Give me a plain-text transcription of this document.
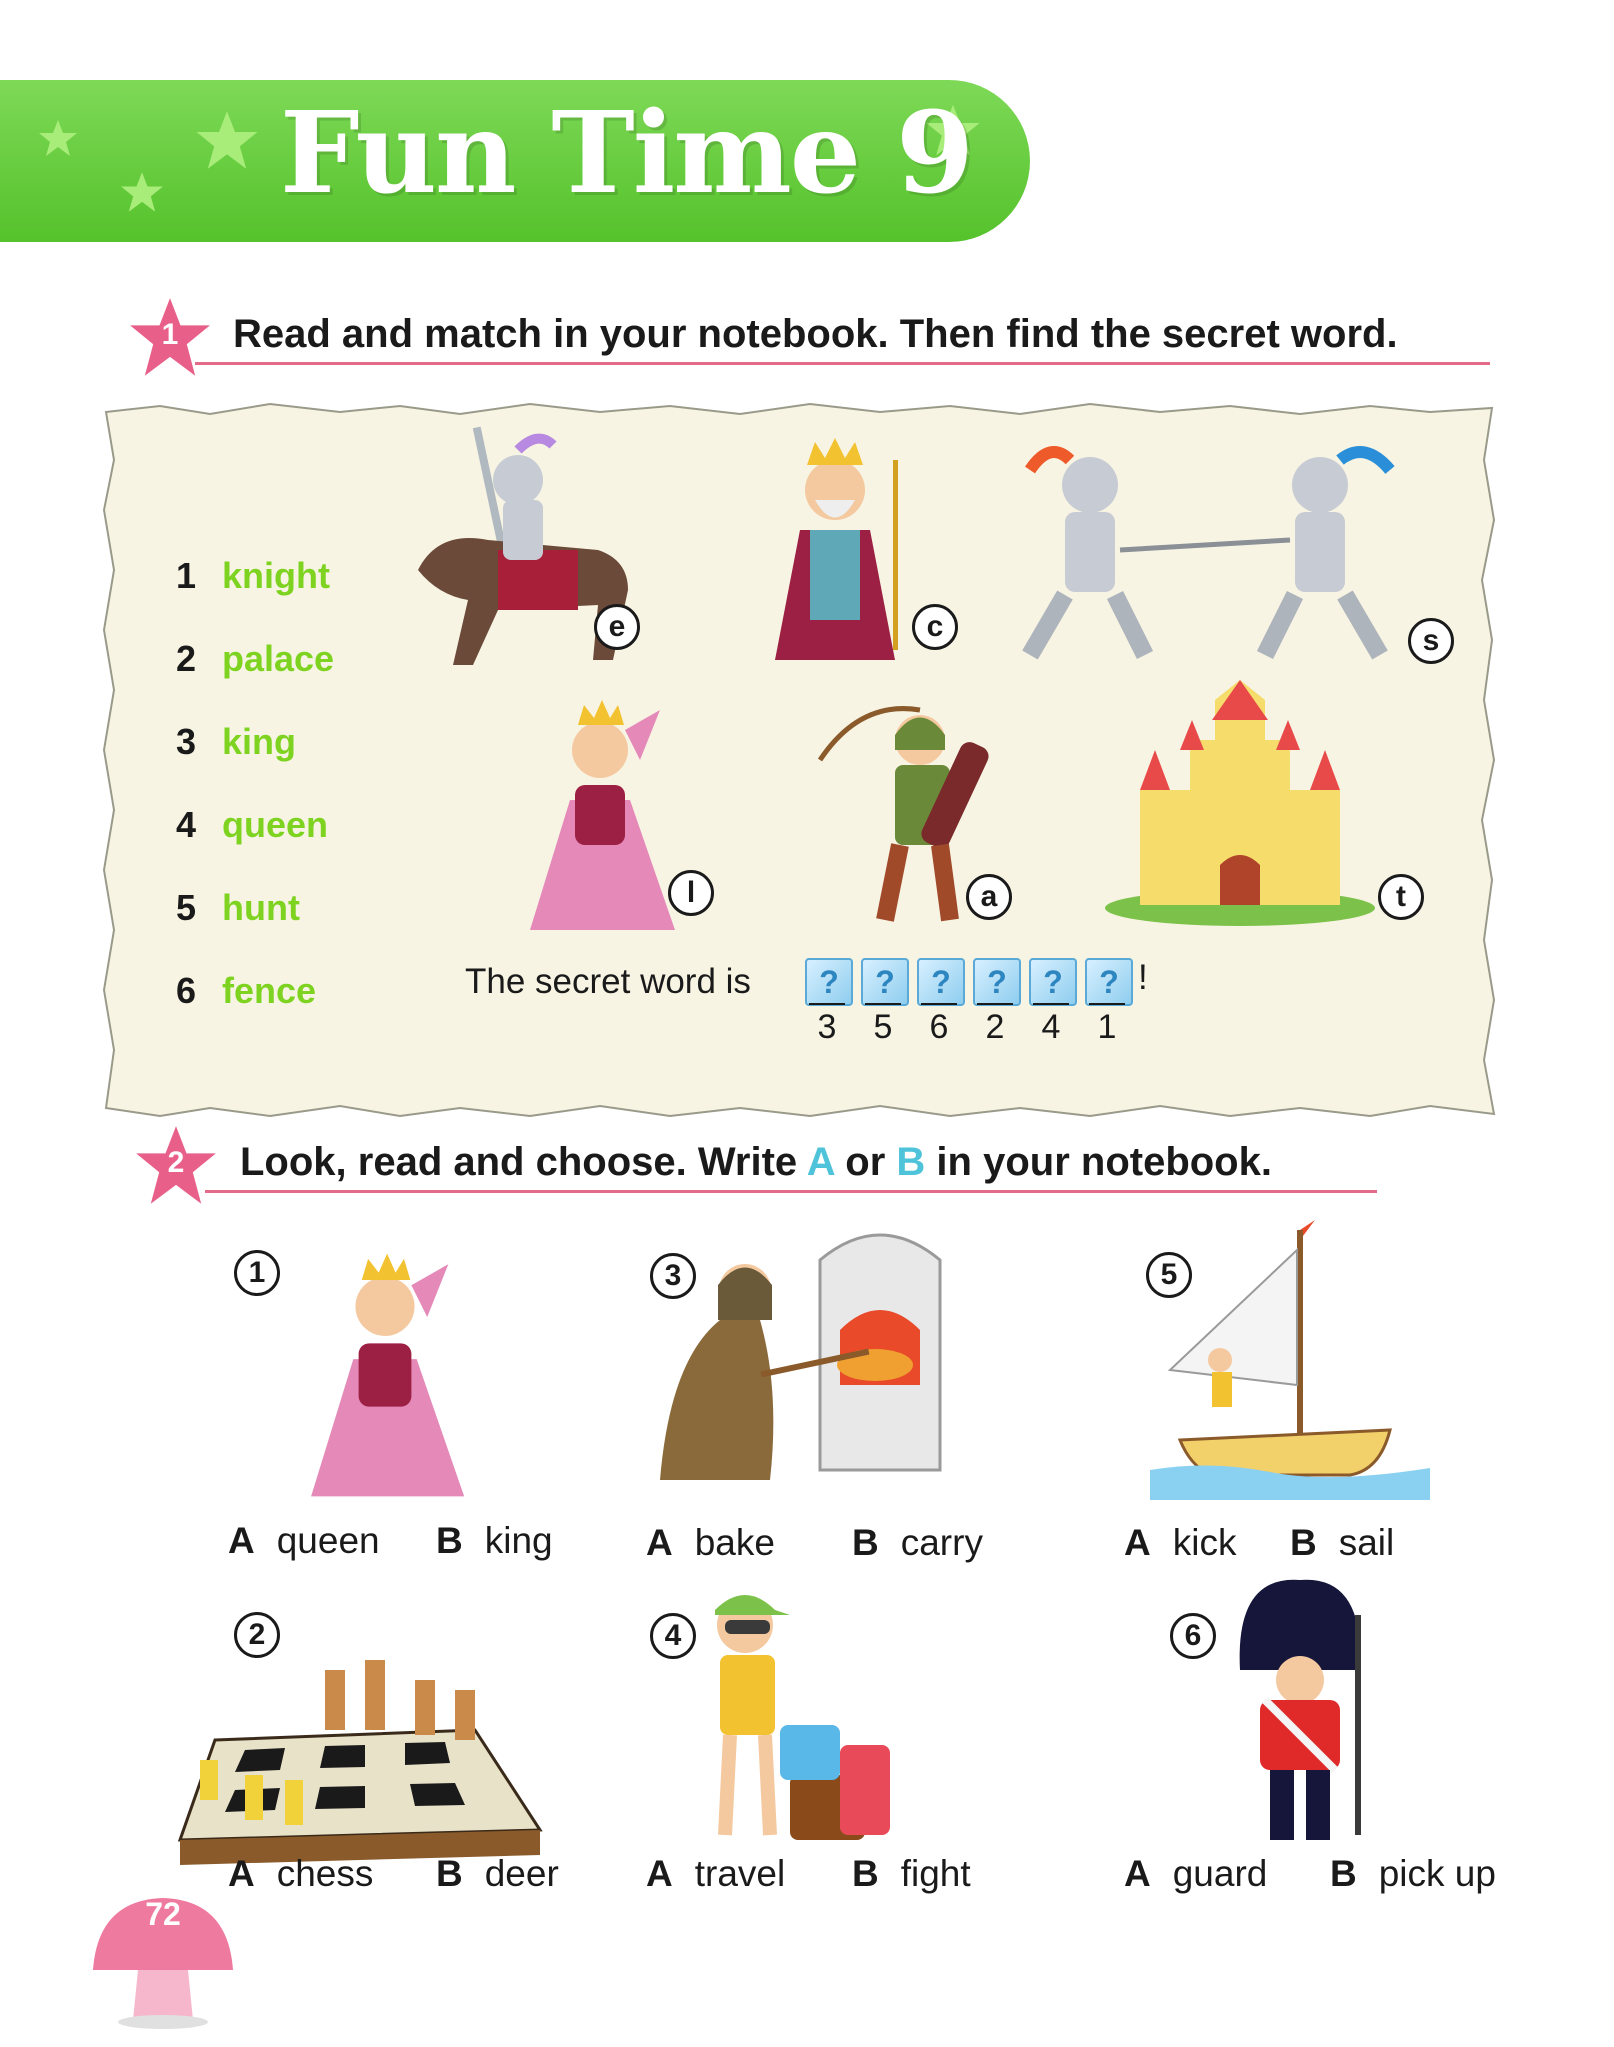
Fun Time 9
1	Read and match in your notebook. Then find the secret word.
1 knight
2 palace
3 king
4 queen
5 hunt
6 fence
e	c	s
l	a	t
The secret word is	?	?	?	?	?	? !
3	5	6	2	4	1
2	Look, read and choose. Write A or B in your notebook.
1
A queen B king
2
A chess B deer
3
A bake B carry
4
A travel B fight
5
A kick B sail
6
A guard B pick up
72
